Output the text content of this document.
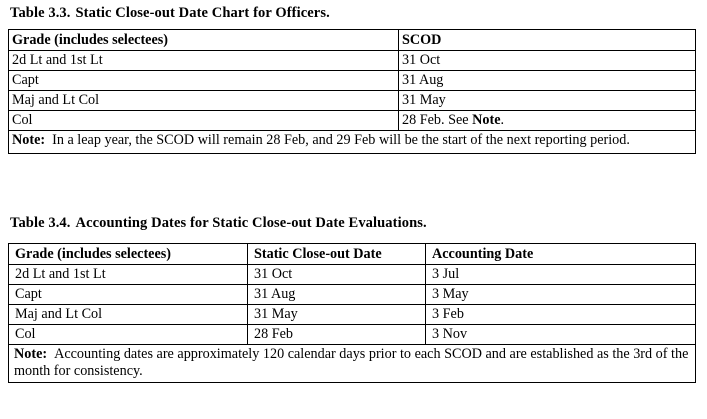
Table 3.3. Static Close-out Date Chart for Officers.
Grade (includes selectees)	SCOD
2d Lt and 1st Lt	31 Oct
Capt	31 Aug
Maj and Lt Col	31 May
Col	28 Feb. See Note.
Note: In a leap year, the SCOD will remain 28 Feb, and 29 Feb will be the start of the next reporting period.	
Table 3.4. Accounting Dates for Static Close-out Date Evaluations.
Grade (includes selectees)	Static Close-out Date	Accounting Date
2d Lt and 1st Lt	31 Oct	3 Jul
Capt	31 Aug	3 May
Maj and Lt Col	31 May	3 Feb
Col	28 Feb	3 Nov
Note: Accounting dates are approximately 120 calendar days prior to each SCOD and are established as the 3rd of the month for consistency.		
